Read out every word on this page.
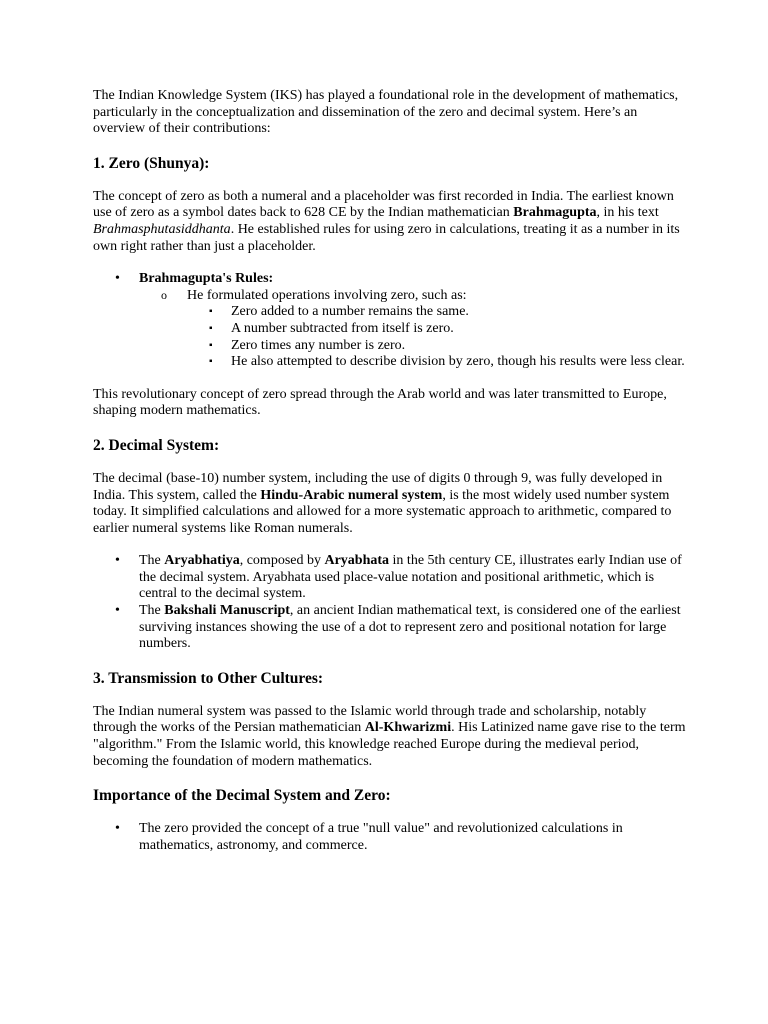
The Indian Knowledge System (IKS) has played a foundational role in the development of mathematics, particularly in the conceptualization and dissemination of the zero and decimal system. Here’s an overview of their contributions:

1. Zero (Shunya):

The concept of zero as both a numeral and a placeholder was first recorded in India. The earliest known use of zero as a symbol dates back to 628 CE by the Indian mathematician Brahmagupta, in his text Brahmasphutasiddhanta. He established rules for using zero in calculations, treating it as a number in its own right rather than just a placeholder.

• Brahmagupta's Rules:
o He formulated operations involving zero, such as:
▪ Zero added to a number remains the same.
▪ A number subtracted from itself is zero.
▪ Zero times any number is zero.
▪ He also attempted to describe division by zero, though his results were less clear.

This revolutionary concept of zero spread through the Arab world and was later transmitted to Europe, shaping modern mathematics.

2. Decimal System:

The decimal (base-10) number system, including the use of digits 0 through 9, was fully developed in India. This system, called the Hindu-Arabic numeral system, is the most widely used number system today. It simplified calculations and allowed for a more systematic approach to arithmetic, compared to earlier numeral systems like Roman numerals.

• The Aryabhatiya, composed by Aryabhata in the 5th century CE, illustrates early Indian use of the decimal system. Aryabhata used place-value notation and positional arithmetic, which is central to the decimal system.
• The Bakshali Manuscript, an ancient Indian mathematical text, is considered one of the earliest surviving instances showing the use of a dot to represent zero and positional notation for large numbers.
3. Transmission to Other Cultures:

The Indian numeral system was passed to the Islamic world through trade and scholarship, notably through the works of the Persian mathematician Al-Khwarizmi. His Latinized name gave rise to the term "algorithm." From the Islamic world, this knowledge reached Europe during the medieval period, becoming the foundation of modern mathematics.

Importance of the Decimal System and Zero:
• The zero provided the concept of a true "null value" and revolutionized calculations in mathematics, astronomy, and commerce.
